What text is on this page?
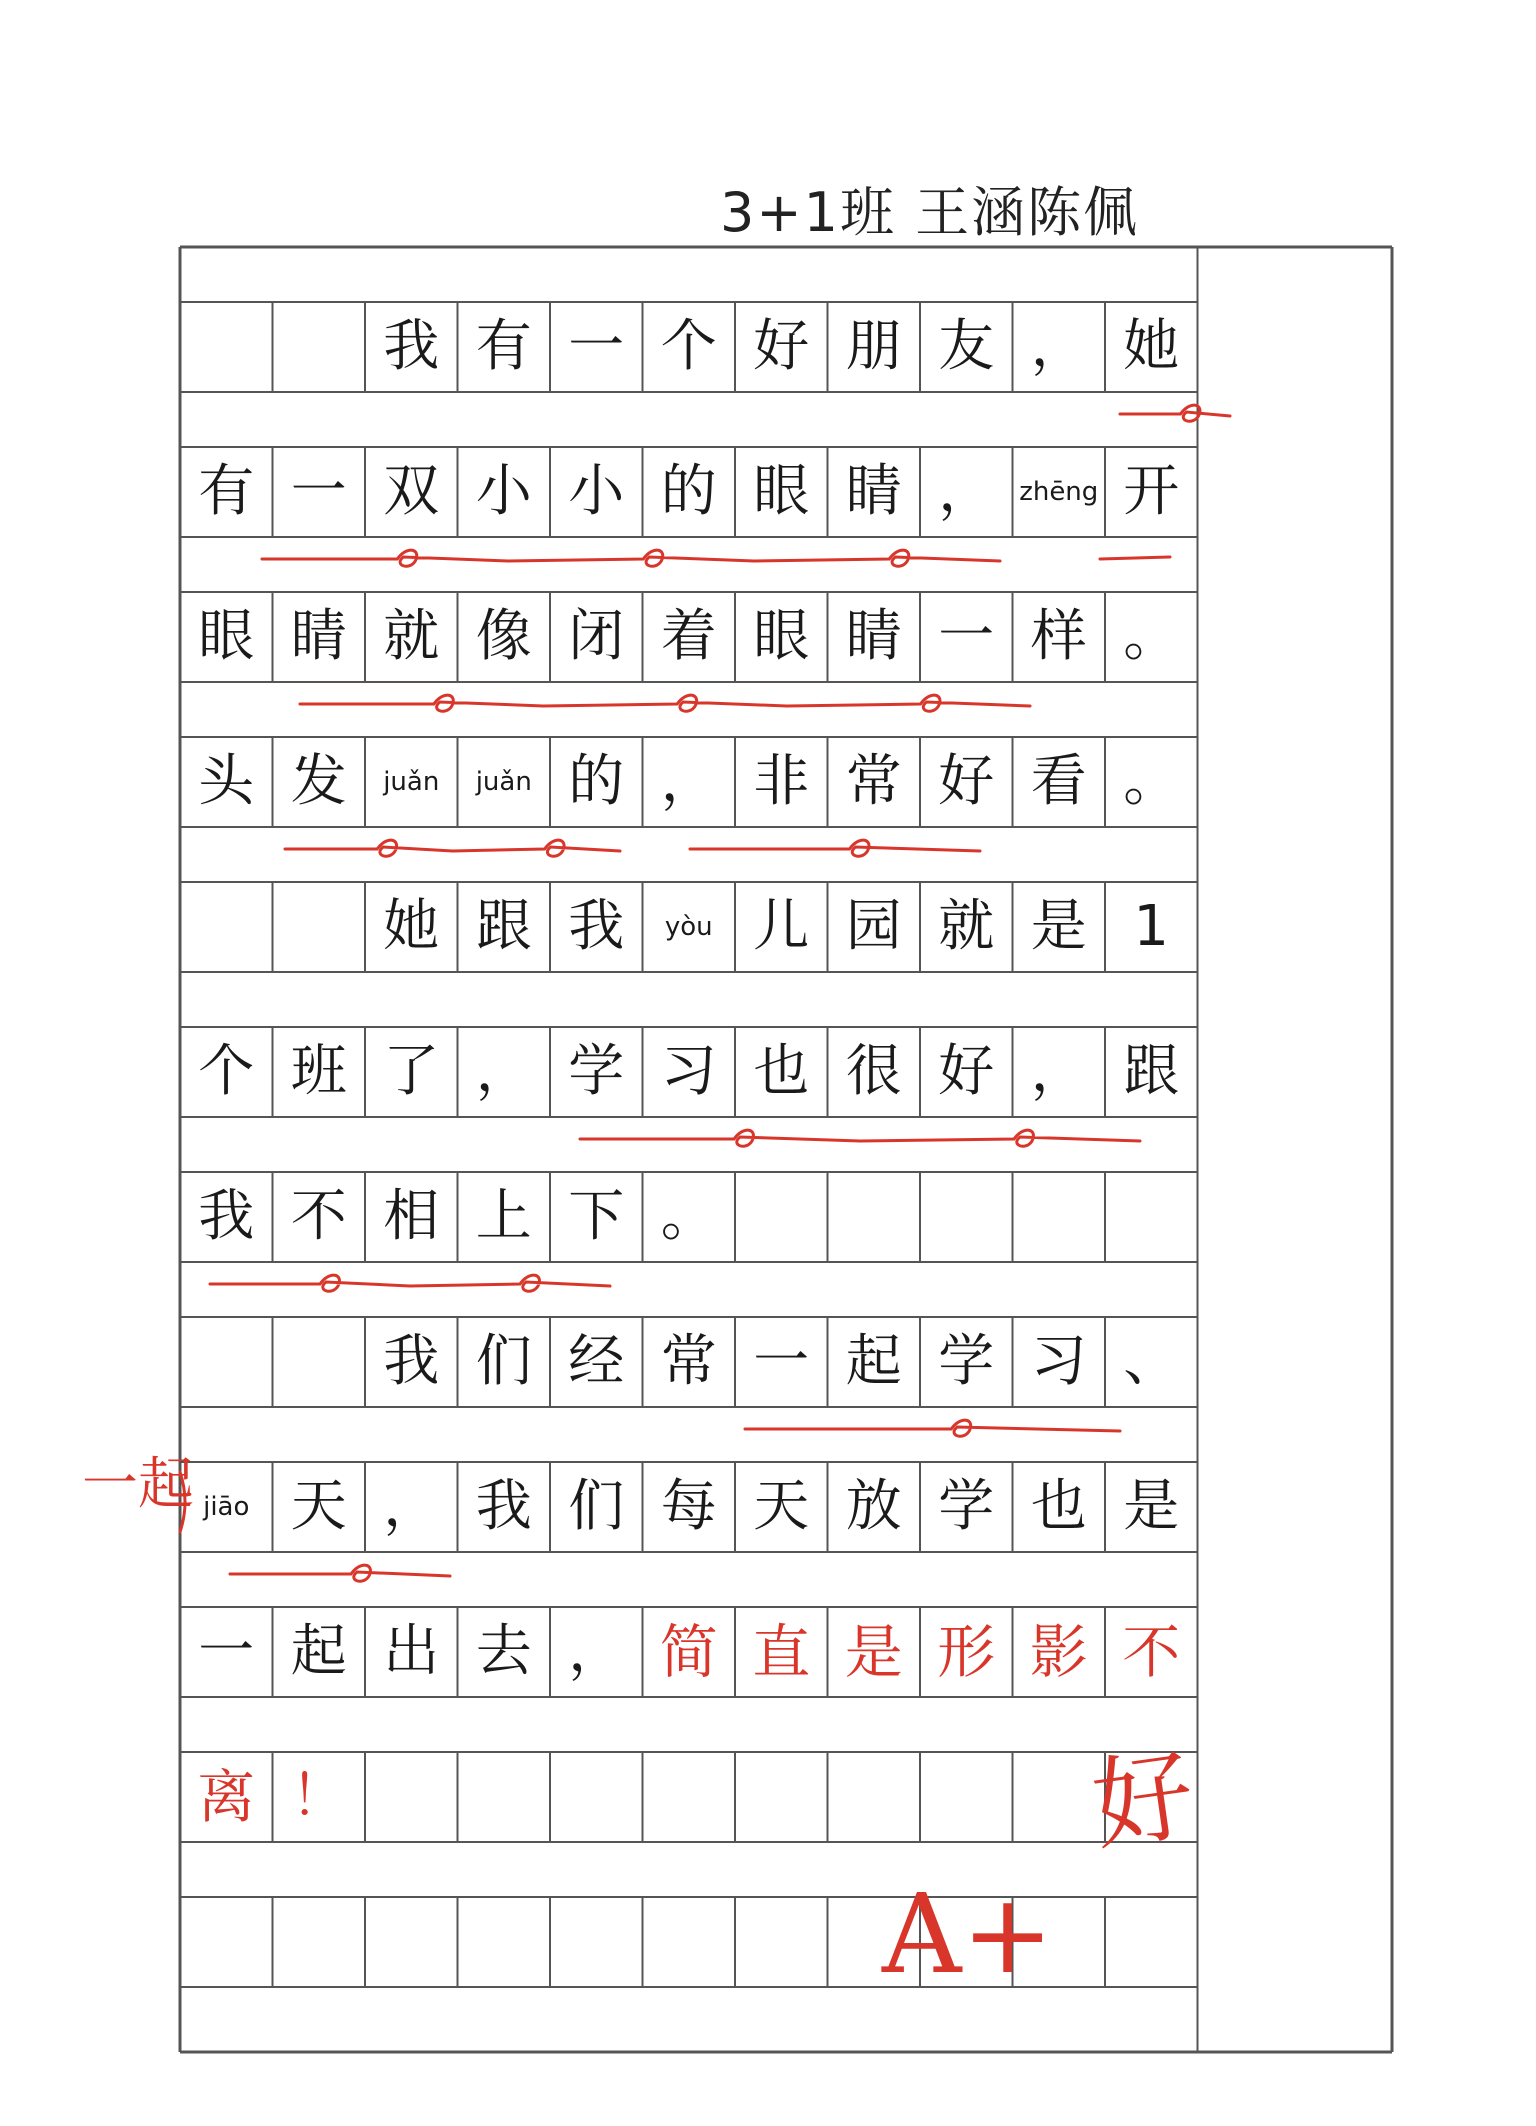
3+1班 王涵陈佩
我 有 一 个 好 朋 友 ， 她
有 一 双 小 小 的 眼 睛 ， zhēng 开
眼 睛 就 像 闭 着 眼 睛 一 样 。
头 发	juǎn	juǎn 的 ， 非 常 好 看 。
她 跟 我	yòu 儿 园 就 是 1
个 班 了 ， 学 习 也 很 好 ， 跟
我 不 相 上 下 。
我 们 经 常 一 起 学 习 、
jiāo 天 ， 我 们 每 天 放 学 也 是
一 起 出 去 ， 简 直 是 形 影 不
离 ！
一起
A+
好
